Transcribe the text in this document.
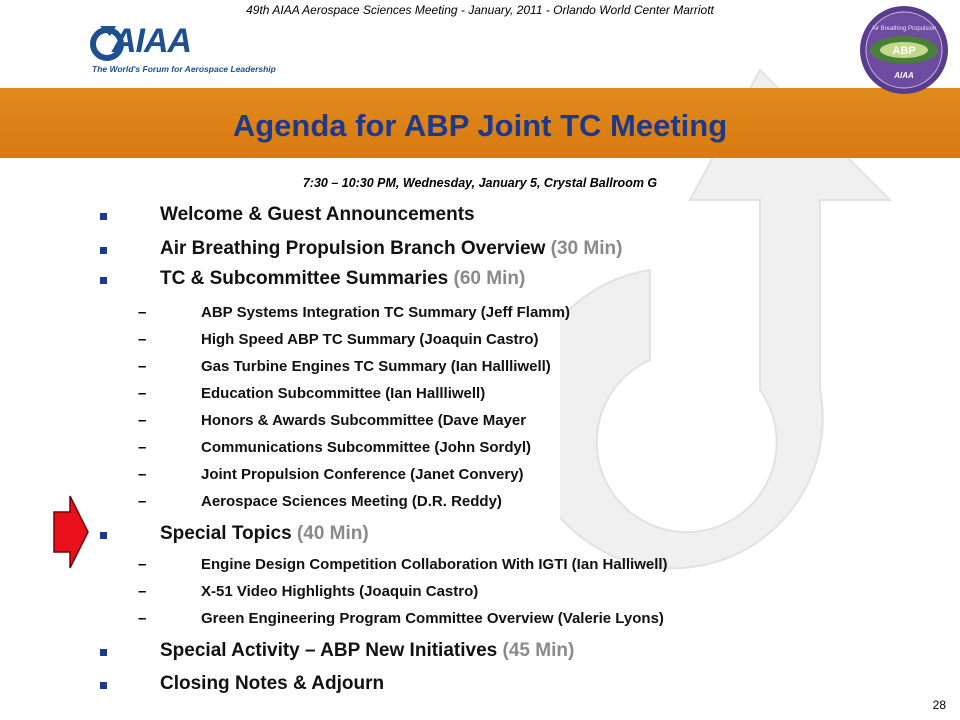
49th AIAA Aerospace Sciences Meeting - January, 2011 - Orlando World Center Marriott
AIAA
The World's Forum for Aerospace Leadership
ABP
Air Breathing Propulsion
AIAA
Agenda for ABP Joint TC Meeting
7:30 – 10:30 PM, Wednesday, January 5, Crystal Ballroom G
Welcome & Guest Announcements
Air Breathing Propulsion Branch Overview (30 Min)
TC & Subcommittee Summaries (60 Min)
–	ABP Systems Integration TC Summary (Jeff Flamm)
–	High Speed ABP TC Summary (Joaquin Castro)
–	Gas Turbine Engines TC Summary (Ian Hallliwell)
–	Education Subcommittee (Ian Hallliwell)
–	Honors & Awards Subcommittee (Dave Mayer
–	Communications Subcommittee (John Sordyl)
–	Joint Propulsion Conference (Janet Convery)
–	Aerospace Sciences Meeting (D.R. Reddy)
Special Topics (40 Min)
–	Engine Design Competition Collaboration With IGTI (Ian Halliwell)
–	X-51 Video Highlights (Joaquin Castro)
–	Green Engineering Program Committee Overview (Valerie Lyons)
Special Activity – ABP New Initiatives (45 Min)
Closing Notes & Adjourn
28
